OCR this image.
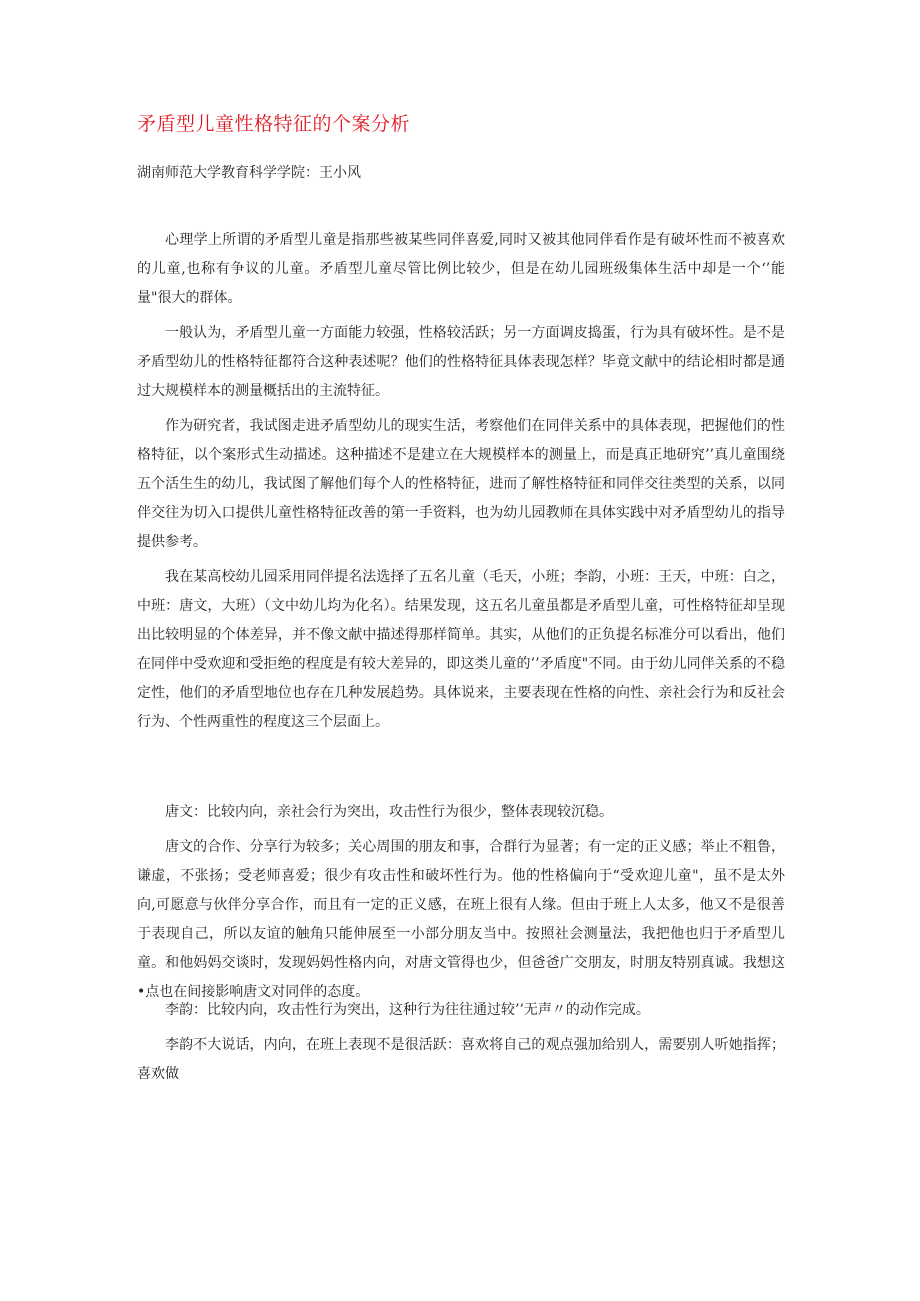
矛盾型儿童性格特征的个案分析
湖南师范大学教育科学学院：王小风

心理学上所谓的矛盾型儿童是指那些被某些同伴喜爱,同时又被其他同伴看作是有破坏性而不被喜欢的儿童,也称有争议的儿童。矛盾型儿童尽管比例比较少，但是在幼儿园班级集体生活中却是一个‘’能量"很大的群体。

一般认为，矛盾型儿童一方面能力较强，性格较活跃；另一方面调皮捣蛋，行为具有破坏性。是不是矛盾型幼儿的性格特征都符合这种表述呢？他们的性格特征具体表现怎样？毕竟文献中的结论相时都是通过大规模样本的测量概括出的主流特征。

作为研究者，我试图走进矛盾型幼儿的现实生活，考察他们在同伴关系中的具体表现，把握他们的性格特征，以个案形式生动描述。这种描述不是建立在大规模样本的测量上，而是真正地研究’’真儿童围绕五个活生生的幼儿，我试图了解他们每个人的性格特征，进而了解性格特征和同伴交往类型的关系，以同伴交往为切入口提供儿童性格特征改善的第一手资料，也为幼儿园教师在具体实践中对矛盾型幼儿的指导提供参考。

我在某高校幼儿园采用同伴提名法选择了五名儿童（毛天，小班；李韵，小班：王天，中班：白之，中班：唐文，大班）（文中幼儿均为化名）。结果发现，这五名儿童虽都是矛盾型儿童，可性格特征却呈现出比较明显的个体差异，并不像文献中描述得那样简单。其实，从他们的正负提名标准分可以看出，他们在同伴中受欢迎和受拒绝的程度是有较大差异的，即这类儿童的’’矛盾度"不同。由于幼儿同伴关系的不稳定性，他们的矛盾型地位也存在几种发展趋势。具体说来，主要表现在性格的向性、亲社会行为和反社会行为、个性两重性的程度这三个层面上。

唐文：比较内向，亲社会行为突出，攻击性行为很少，整体表现较沉稳。

唐文的合作、分享行为较多；关心周围的朋友和事，合群行为显著；有一定的正义感；举止不粗鲁，谦虚，不张扬；受老师喜爱；很少有攻击性和破坏性行为。他的性格偏向于“受欢迎儿童"，虽不是太外向,可愿意与伙伴分享合作，而且有一定的正义感，在班上很有人缘。但由于班上人太多，他又不是很善于表现自己，所以友谊的触角只能伸展至一小部分朋友当中。按照社会测量法，我把他也归于矛盾型儿童。和他妈妈交谈时，发现妈妈性格内向，对唐文管得也少，但爸爸广交朋友，时朋友特别真诚。我想这•点也在间接影响唐文对同伴的态度。

李韵：比较内向，攻击性行为突出，这种行为往往通过较’’无声〃的动作完成。

李韵不大说话，内向，在班上表现不是很活跃：喜欢将自己的观点强加给别人，需要别人听她指挥；喜欢做
